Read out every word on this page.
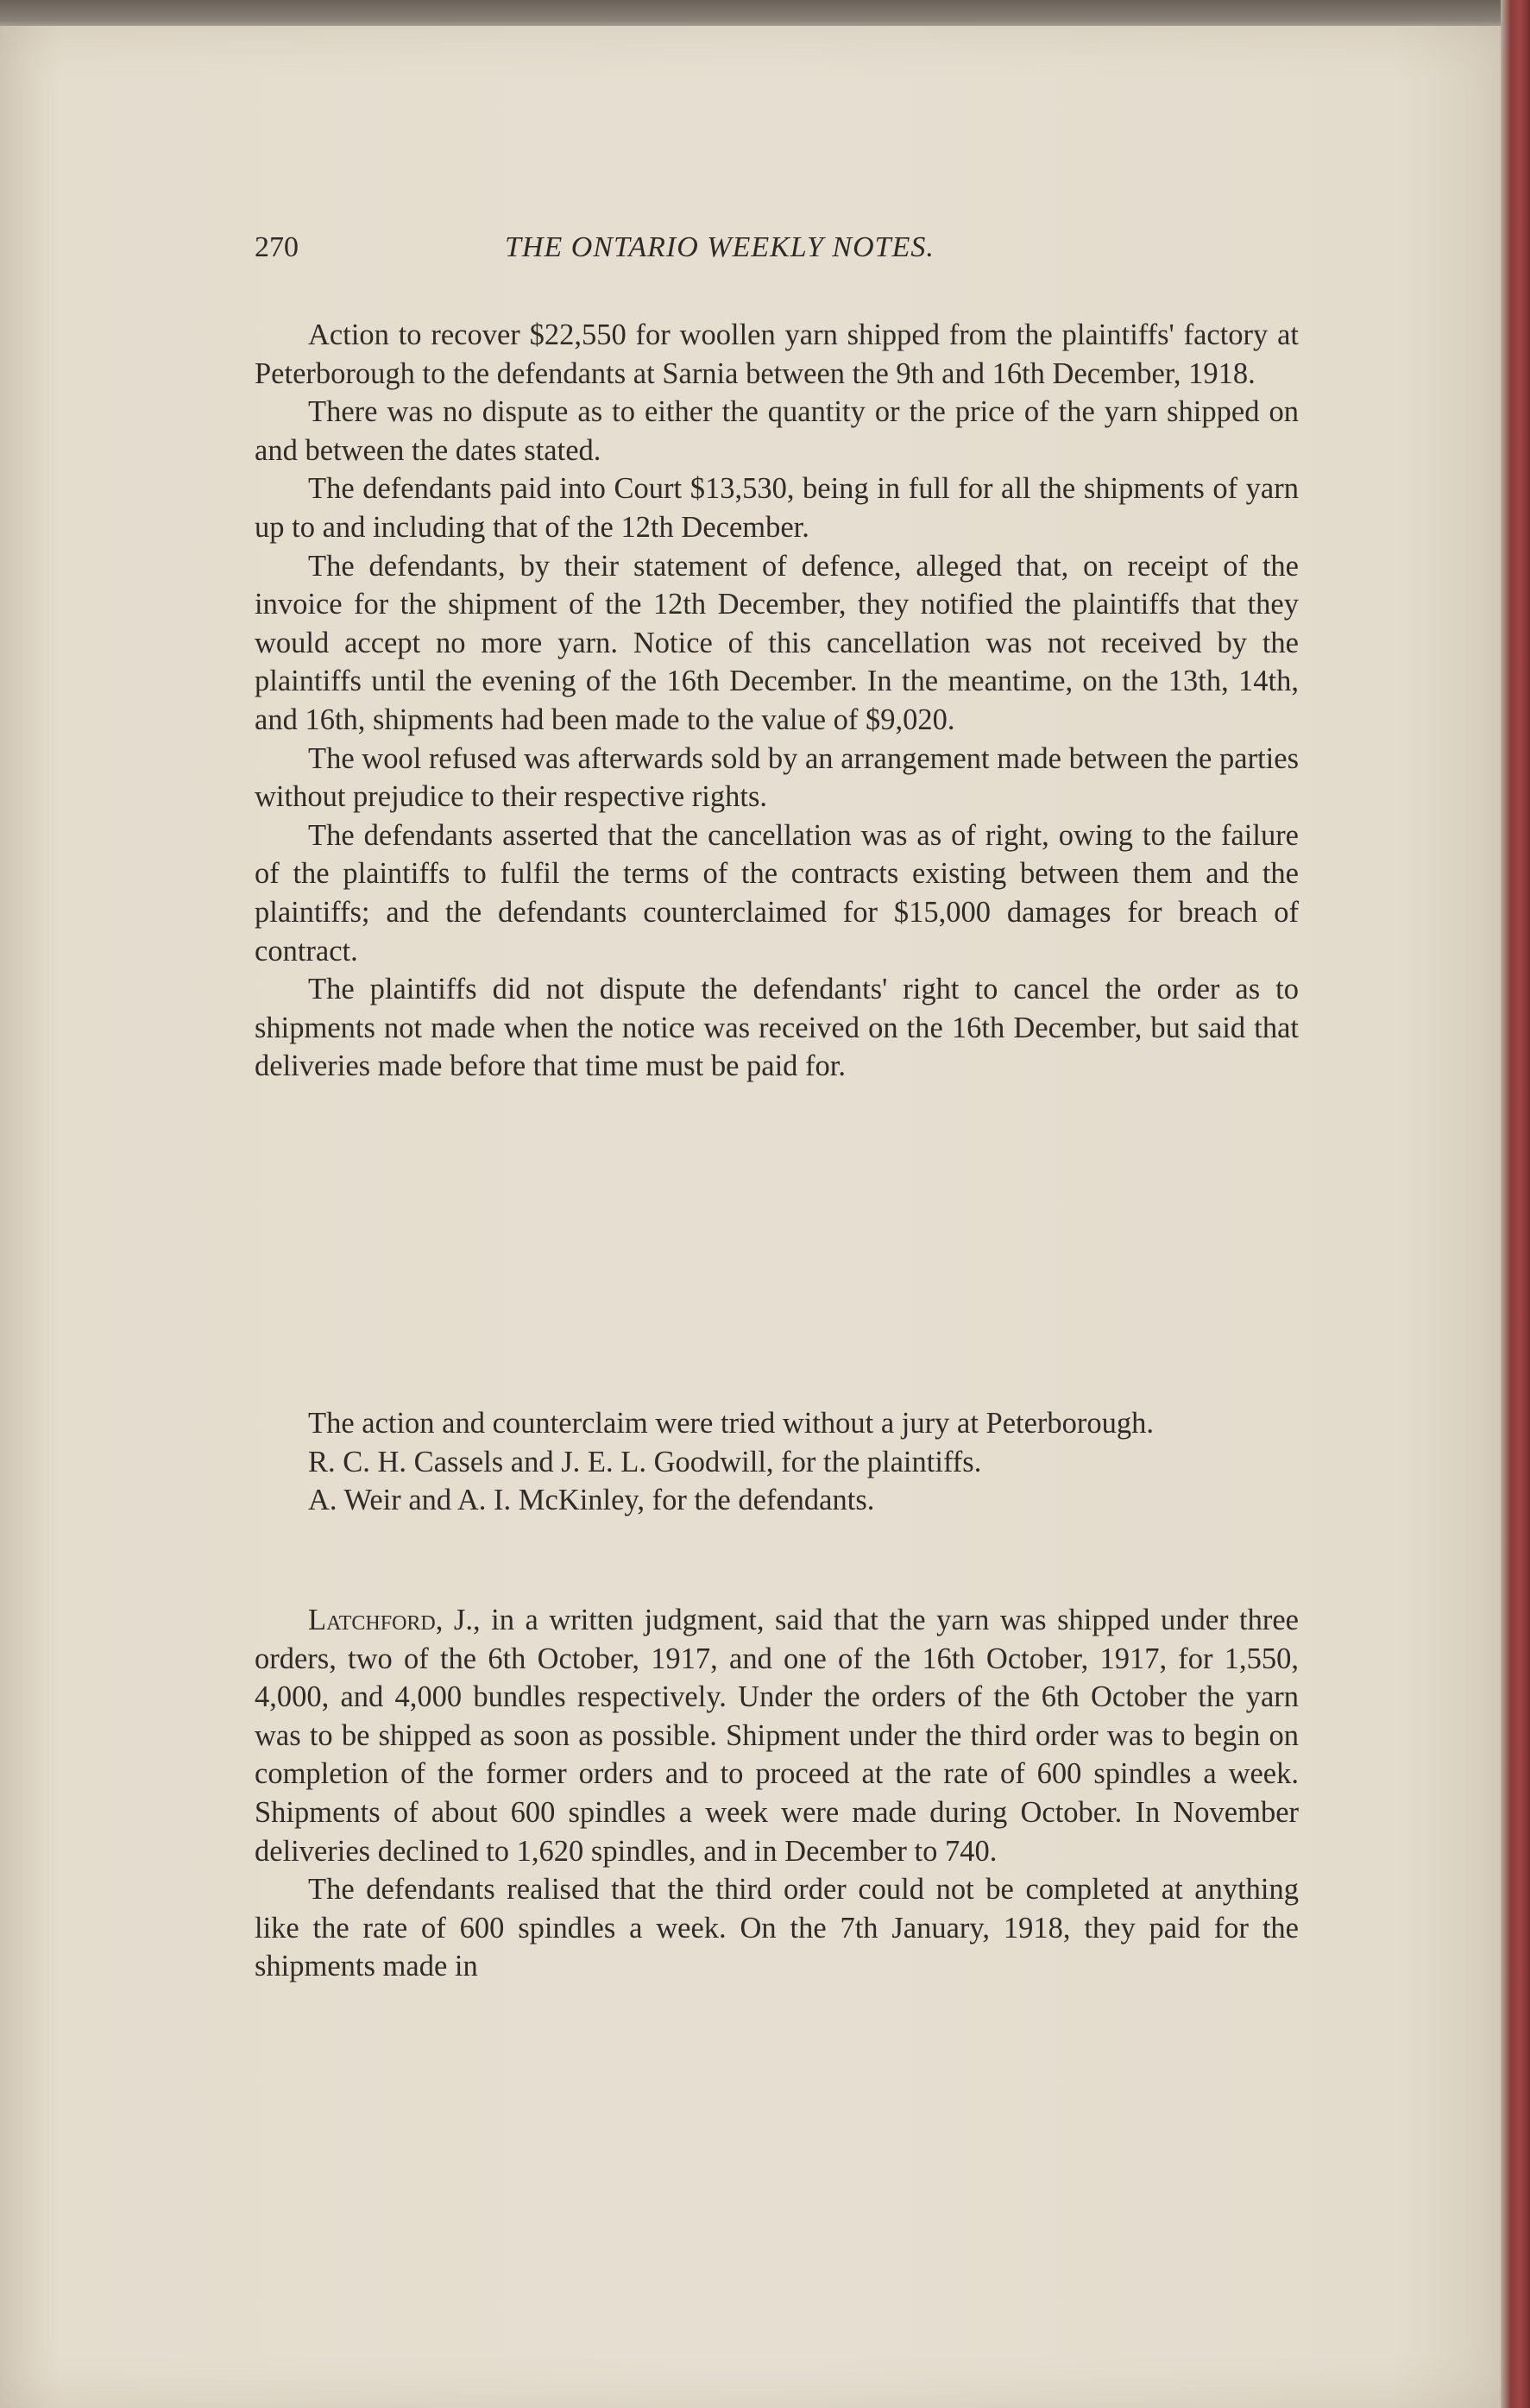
270	THE ONTARIO WEEKLY NOTES.

Action to recover $22,550 for woollen yarn shipped from the plaintiffs' factory at Peterborough to the defendants at Sarnia between the 9th and 16th December, 1918.

There was no dispute as to either the quantity or the price of the yarn shipped on and between the dates stated.

The defendants paid into Court $13,530, being in full for all the shipments of yarn up to and including that of the 12th December.

The defendants, by their statement of defence, alleged that, on receipt of the invoice for the shipment of the 12th December, they notified the plaintiffs that they would accept no more yarn. Notice of this cancellation was not received by the plaintiffs until the evening of the 16th December. In the meantime, on the 13th, 14th, and 16th, shipments had been made to the value of $9,020.

The wool refused was afterwards sold by an arrangement made between the parties without prejudice to their respective rights.

The defendants asserted that the cancellation was as of right, owing to the failure of the plaintiffs to fulfil the terms of the contracts existing between them and the plaintiffs; and the defendants counterclaimed for $15,000 damages for breach of contract.

The plaintiffs did not dispute the defendants' right to cancel the order as to shipments not made when the notice was received on the 16th December, but said that deliveries made before that time must be paid for.

The action and counterclaim were tried without a jury at Peterborough.

R. C. H. Cassels and J. E. L. Goodwill, for the plaintiffs.

A. Weir and A. I. McKinley, for the defendants.

Latchford, J., in a written judgment, said that the yarn was shipped under three orders, two of the 6th October, 1917, and one of the 16th October, 1917, for 1,550, 4,000, and 4,000 bundles respectively. Under the orders of the 6th October the yarn was to be shipped as soon as possible. Shipment under the third order was to begin on completion of the former orders and to proceed at the rate of 600 spindles a week. Shipments of about 600 spindles a week were made during October. In November deliveries declined to 1,620 spindles, and in December to 740.

The defendants realised that the third order could not be completed at anything like the rate of 600 spindles a week. On the 7th January, 1918, they paid for the shipments made in
